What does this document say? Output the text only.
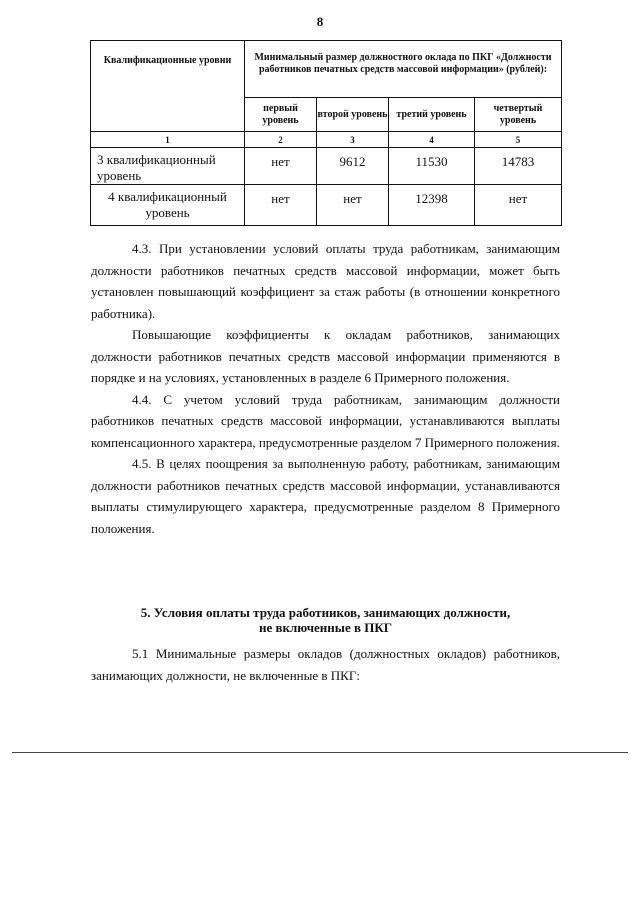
8
Квалификационные уровни	Минимальный размер должностного оклада по ПКГ «Должности работников печатных средств массовой информации» (рублей):			
	первый уровень	второй уровень	третий уровень	четвертый уровень
1	2	3	4	5
3 квалификационный уровень	нет	9612	11530	14783
4 квалификационный уровень	нет	нет	12398	нет

4.3. При установлении условий оплаты труда работникам, занимающим должности работников печатных средств массовой информации, может быть установлен повышающий коэффициент за стаж работы (в отношении конкретного работника).

Повышающие коэффициенты к окладам работников, занимающих должности работников печатных средств массовой информации применяются в порядке и на условиях, установленных в разделе 6 Примерного положения.

4.4. С учетом условий труда работникам, занимающим должности работников печатных средств массовой информации, устанавливаются выплаты компенсационного характера, предусмотренные разделом 7 Примерного положения.

4.5. В целях поощрения за выполненную работу, работникам, занимающим должности работников печатных средств массовой информации, устанавливаются выплаты стимулирующего характера, предусмотренные разделом 8 Примерного положения.

5. Условия оплаты труда работников, занимающих должности,
не включенные в ПКГ

5.1 Минимальные размеры окладов (должностных окладов) работников, занимающих должности, не включенные в ПКГ:
